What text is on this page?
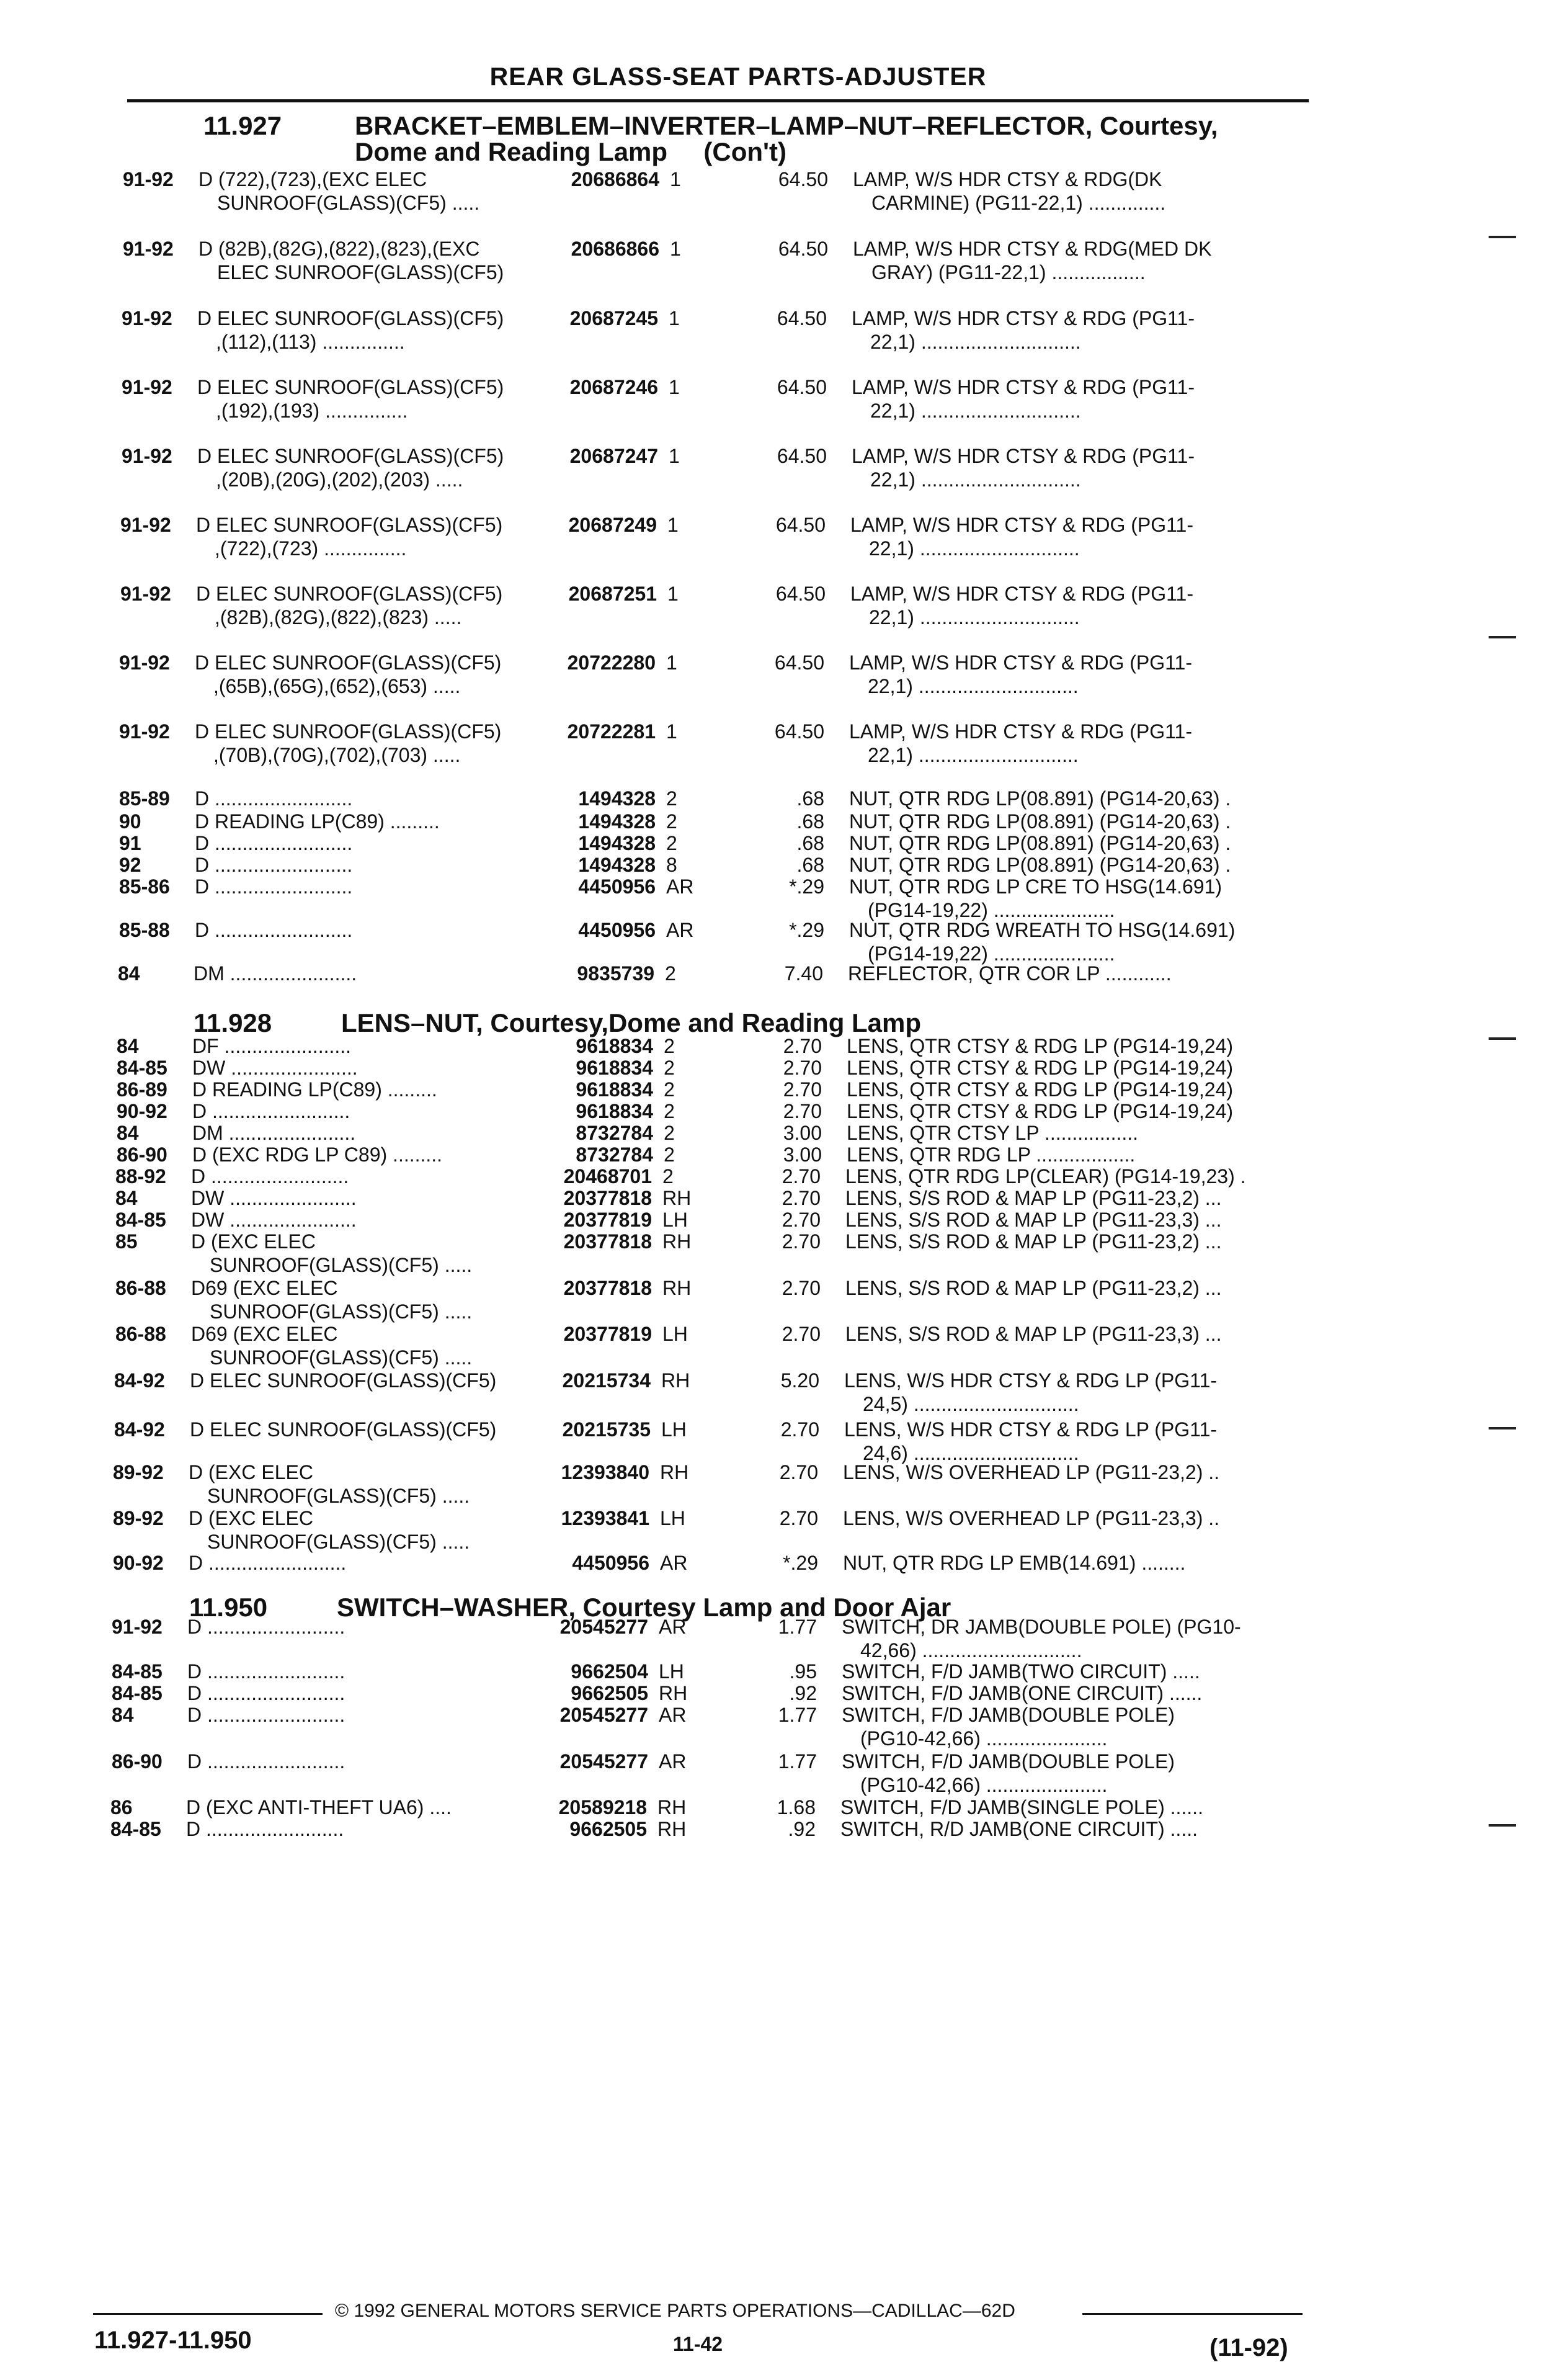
REAR GLASS-SEAT PARTS-ADJUSTER
11.927	BRACKET–EMBLEM–INVERTER–LAMP–NUT–REFLECTOR, Courtesy,
Dome and Reading Lamp     (Con't)
11.928	LENS–NUT, Courtesy,Dome and Reading Lamp
11.950	SWITCH–WASHER, Courtesy Lamp and Door Ajar
91-92 D (722),(723),(EXC ELEC
SUNROOF(GLASS)(CF5) .....
20686864 1	64.50 LAMP, W/S HDR CTSY & RDG(DK
CARMINE) (PG11-22,1) ..............
91-92 D (82B),(82G),(822),(823),(EXC
ELEC SUNROOF(GLASS)(CF5)
20686866 1	64.50 LAMP, W/S HDR CTSY & RDG(MED DK
GRAY) (PG11-22,1) .................
91-92 D ELEC SUNROOF(GLASS)(CF5)
,(112),(113) ...............
20687245 1	64.50 LAMP, W/S HDR CTSY & RDG (PG11-
22,1) .............................
91-92 D ELEC SUNROOF(GLASS)(CF5)
,(192),(193) ...............
20687246 1	64.50 LAMP, W/S HDR CTSY & RDG (PG11-
22,1) .............................
91-92 D ELEC SUNROOF(GLASS)(CF5)
,(20B),(20G),(202),(203) .....
20687247 1	64.50 LAMP, W/S HDR CTSY & RDG (PG11-
22,1) .............................
91-92 D ELEC SUNROOF(GLASS)(CF5)
,(722),(723) ...............
20687249 1	64.50 LAMP, W/S HDR CTSY & RDG (PG11-
22,1) .............................
91-92 D ELEC SUNROOF(GLASS)(CF5)
,(82B),(82G),(822),(823) .....
20687251 1	64.50 LAMP, W/S HDR CTSY & RDG (PG11-
22,1) .............................
91-92 D ELEC SUNROOF(GLASS)(CF5)
,(65B),(65G),(652),(653) .....
20722280 1	64.50 LAMP, W/S HDR CTSY & RDG (PG11-
22,1) .............................
91-92 D ELEC SUNROOF(GLASS)(CF5)
,(70B),(70G),(702),(703) .....
20722281 1	64.50 LAMP, W/S HDR CTSY & RDG (PG11-
22,1) .............................
85-89 D .........................	1494328 2	.68 NUT, QTR RDG LP(08.891) (PG14-20,63) .
90	D READING LP(C89) .........	1494328 2	.68 NUT, QTR RDG LP(08.891) (PG14-20,63) .
91	D .........................	1494328 2	.68 NUT, QTR RDG LP(08.891) (PG14-20,63) .
92	D .........................	1494328 8	.68 NUT, QTR RDG LP(08.891) (PG14-20,63) .
85-86 D .........................	4450956 AR	*.29 NUT, QTR RDG LP CRE TO HSG(14.691)
(PG14-19,22) ......................
85-88 D .........................	4450956 AR	*.29 NUT, QTR RDG WREATH TO HSG(14.691)
(PG14-19,22) ......................
84	DM .......................	9835739 2	7.40 REFLECTOR, QTR COR LP ............
84	DF .......................	9618834 2	2.70 LENS, QTR CTSY & RDG LP (PG14-19,24)
84-85 DW .......................	9618834 2	2.70 LENS, QTR CTSY & RDG LP (PG14-19,24)
86-89 D READING LP(C89) .........	9618834 2	2.70 LENS, QTR CTSY & RDG LP (PG14-19,24)
90-92 D .........................	9618834 2	2.70 LENS, QTR CTSY & RDG LP (PG14-19,24)
84	DM .......................	8732784 2	3.00 LENS, QTR CTSY LP .................
86-90 D (EXC RDG LP C89) .........	8732784 2	3.00 LENS, QTR RDG LP ..................
88-92 D .........................	20468701 2	2.70 LENS, QTR RDG LP(CLEAR) (PG14-19,23) .
84	DW .......................	20377818 RH	2.70 LENS, S/S ROD & MAP LP (PG11-23,2) ...
84-85 DW .......................	20377819 LH	2.70 LENS, S/S ROD & MAP LP (PG11-23,3) ...
85	D (EXC ELEC
SUNROOF(GLASS)(CF5) .....
20377818 RH	2.70 LENS, S/S ROD & MAP LP (PG11-23,2) ...
86-88 D69 (EXC ELEC
SUNROOF(GLASS)(CF5) .....
20377818 RH	2.70 LENS, S/S ROD & MAP LP (PG11-23,2) ...
86-88 D69 (EXC ELEC
SUNROOF(GLASS)(CF5) .....
20377819 LH	2.70 LENS, S/S ROD & MAP LP (PG11-23,3) ...
84-92 D ELEC SUNROOF(GLASS)(CF5)	20215734 RH	5.20 LENS, W/S HDR CTSY & RDG LP (PG11-
24,5) ..............................
84-92 D ELEC SUNROOF(GLASS)(CF5)	20215735 LH	2.70 LENS, W/S HDR CTSY & RDG LP (PG11-
24,6) ..............................
89-92 D (EXC ELEC
SUNROOF(GLASS)(CF5) .....
12393840 RH	2.70 LENS, W/S OVERHEAD LP (PG11-23,2) ..
89-92 D (EXC ELEC
SUNROOF(GLASS)(CF5) .....
12393841 LH	2.70 LENS, W/S OVERHEAD LP (PG11-23,3) ..
90-92 D .........................	4450956 AR	*.29 NUT, QTR RDG LP EMB(14.691) ........
91-92 D .........................	20545277 AR	1.77 SWITCH, DR JAMB(DOUBLE POLE) (PG10-
42,66) .............................
84-85 D .........................	9662504 LH	.95 SWITCH, F/D JAMB(TWO CIRCUIT) .....
84-85 D .........................	9662505 RH	.92 SWITCH, F/D JAMB(ONE CIRCUIT) ......
84	D .........................	20545277 AR	1.77 SWITCH, F/D JAMB(DOUBLE POLE)
(PG10-42,66) ......................
86-90 D .........................	20545277 AR	1.77 SWITCH, F/D JAMB(DOUBLE POLE)
(PG10-42,66) ......................
86	D (EXC ANTI-THEFT UA6) ....	20589218 RH	1.68 SWITCH, F/D JAMB(SINGLE POLE) ......
84-85 D .........................	9662505 RH	.92 SWITCH, R/D JAMB(ONE CIRCUIT) .....
© 1992 GENERAL MOTORS SERVICE PARTS OPERATIONS—CADILLAC—62D
11.927-11.950	11-42	(11-92)
